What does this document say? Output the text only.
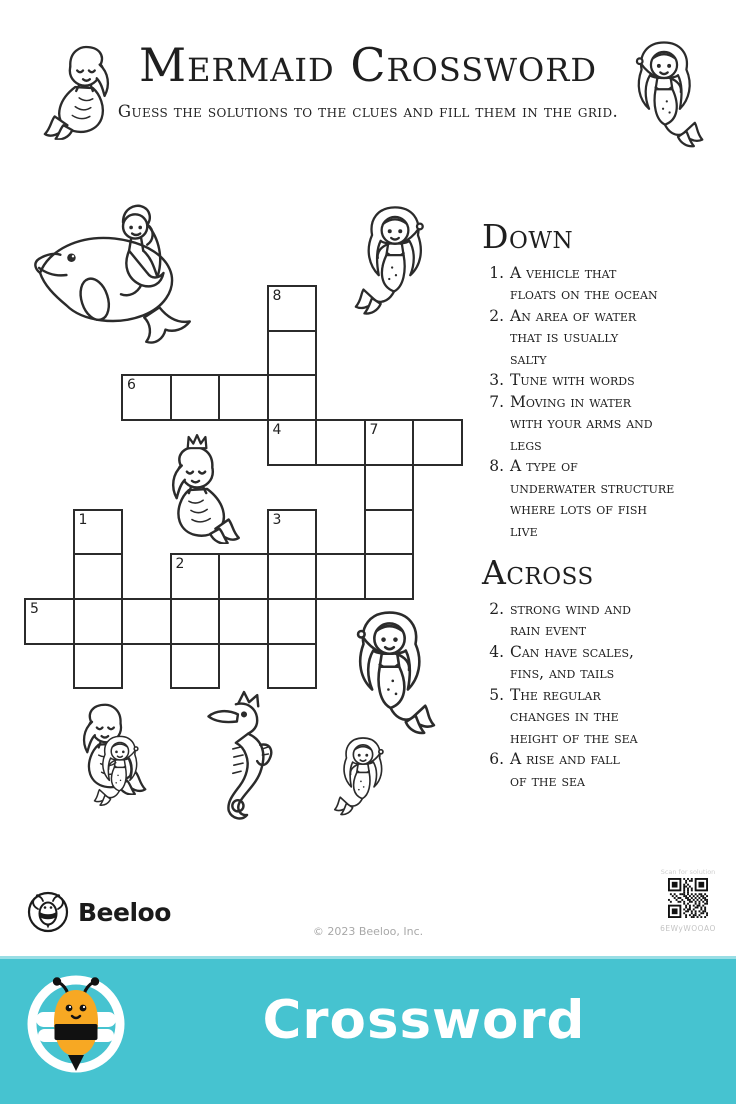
Mermaid Crossword
Guess the solutions to the clues and fill them in the grid.
8
6
4	7
1	3
2
5
Down
1. A vehicle that
floats on the ocean
2. An area of water
that is usually
salty
3. Tune with words
7. Moving in water
with your arms and
legs
8. A type of
underwater structure
where lots of fish
live
Across
2. strong wind and
rain event
4. Can have scales,
fins, and tails
5. The regular
changes in the
height of the sea
6. A rise and fall
of the sea
Beeloo
© 2023 Beeloo, Inc.
Scan for solution
6EWyWOOAO
Crossword
